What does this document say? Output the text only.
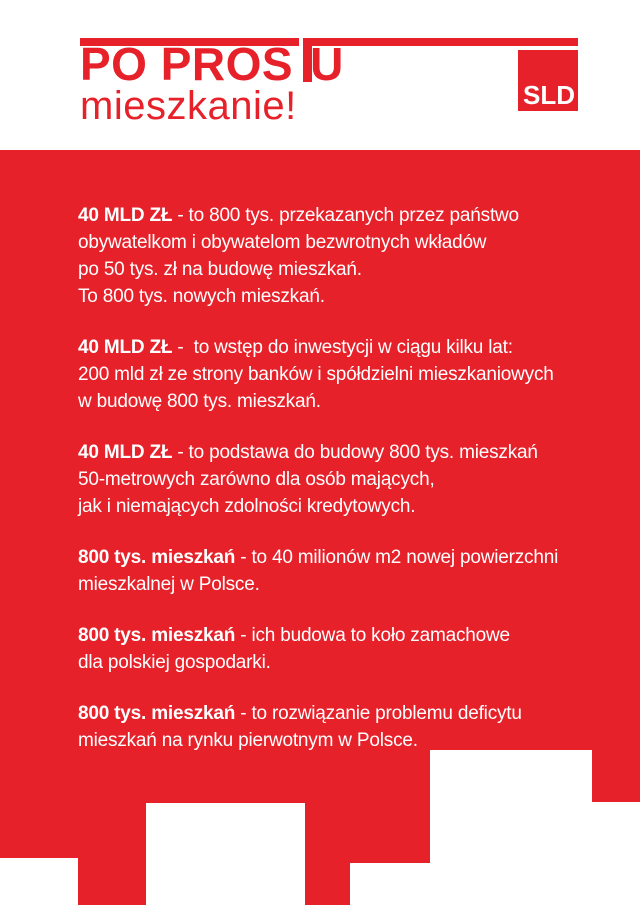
PO PROS U
mieszkanie!	SLD

40 MLD ZŁ - to 800 tys. przekazanych przez państwo
obywatelkom i obywatelom bezwrotnych wkładów
po 50 tys. zł na budowę mieszkań.
To 800 tys. nowych mieszkań.

40 MLD ZŁ -  to wstęp do inwestycji w ciągu kilku lat:
200 mld zł ze strony banków i spółdzielni mieszkaniowych
w budowę 800 tys. mieszkań.

40 MLD ZŁ - to podstawa do budowy 800 tys. mieszkań
50-metrowych zarówno dla osób mających,
jak i niemających zdolności kredytowych.

800 tys. mieszkań - to 40 milionów m2 nowej powierzchni
mieszkalnej w Polsce.

800 tys. mieszkań - ich budowa to koło zamachowe
dla polskiej gospodarki.

800 tys. mieszkań - to rozwiązanie problemu deficytu
mieszkań na rynku pierwotnym w Polsce.
